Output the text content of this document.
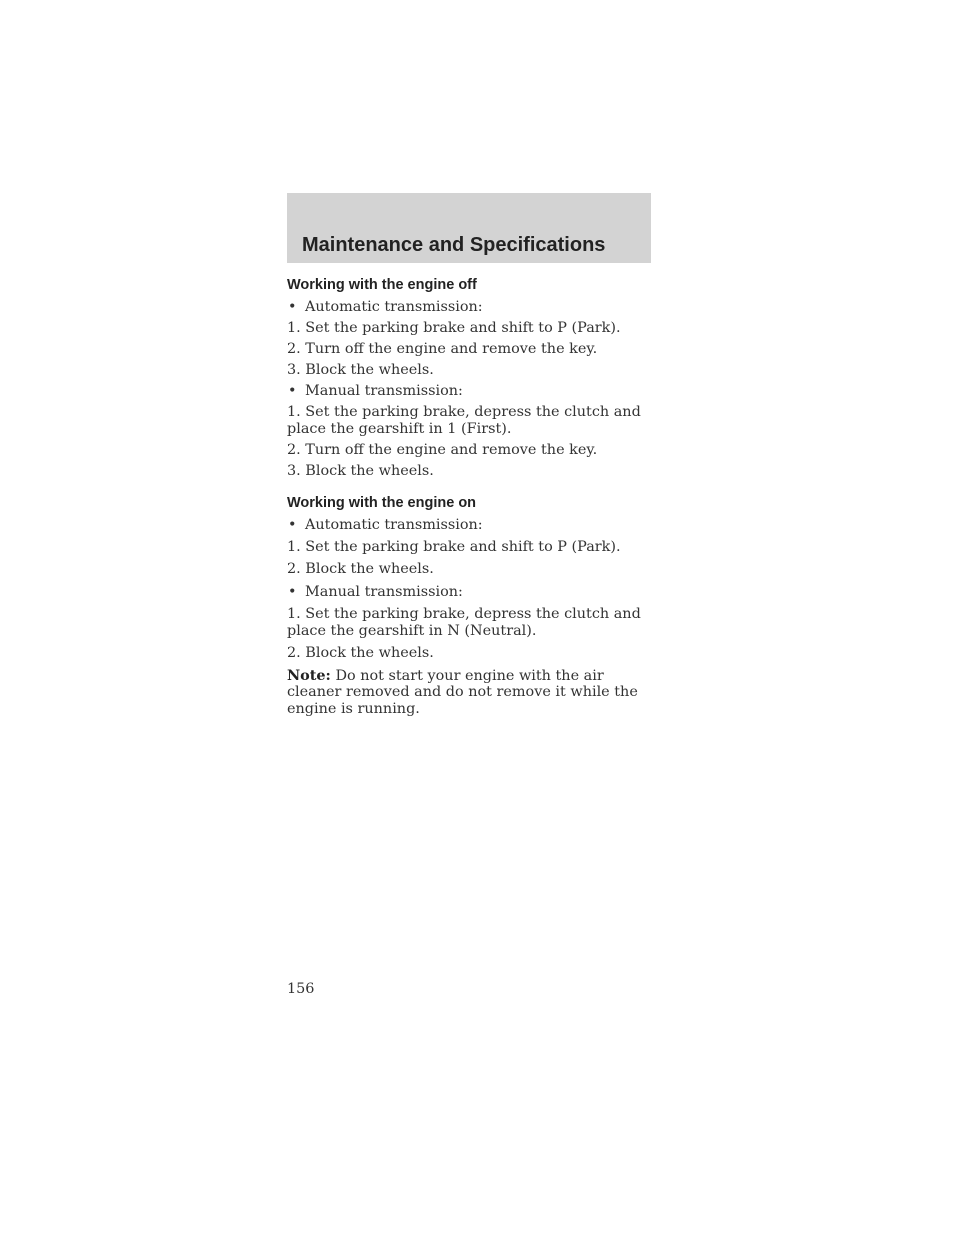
Maintenance and Specifications
Working with the engine off
• Automatic transmission:
1. Set the parking brake and shift to P (Park).
2. Turn off the engine and remove the key.
3. Block the wheels.
• Manual transmission:
1. Set the parking brake, depress the clutch and place the gearshift in 1 (First).
2. Turn off the engine and remove the key.
3. Block the wheels.
Working with the engine on
• Automatic transmission:
1. Set the parking brake and shift to P (Park).
2. Block the wheels.
• Manual transmission:
1. Set the parking brake, depress the clutch and place the gearshift in N (Neutral).
2. Block the wheels.

Note: Do not start your engine with the air cleaner removed and do not remove it while the engine is running.

156
